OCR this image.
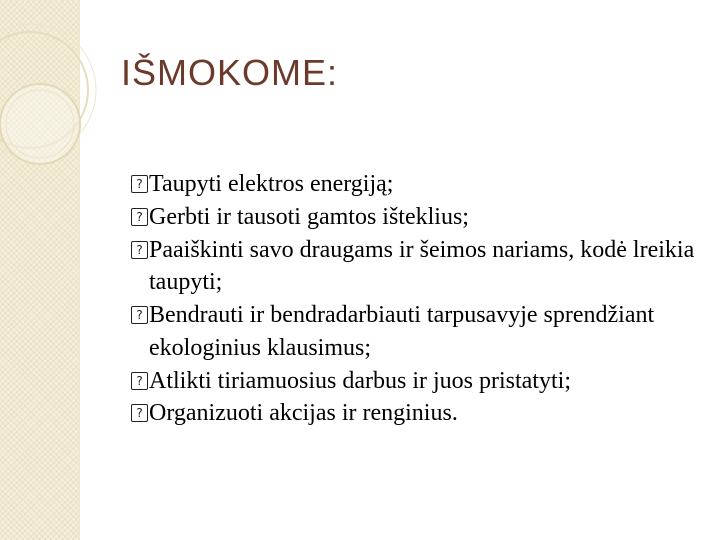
IŠMOKOME:
?
Taupyti elektros energiją;
?
Gerbti ir tausoti gamtos išteklius;
?
Paaiškinti savo draugams ir šeimos nariams, kodė lreikia taupyti;
?
Bendrauti ir bendradarbiauti tarpusavyje sprendžiant ekologinius klausimus;
?
Atlikti tiriamuosius darbus ir juos pristatyti;
?
Organizuoti akcijas ir renginius.
